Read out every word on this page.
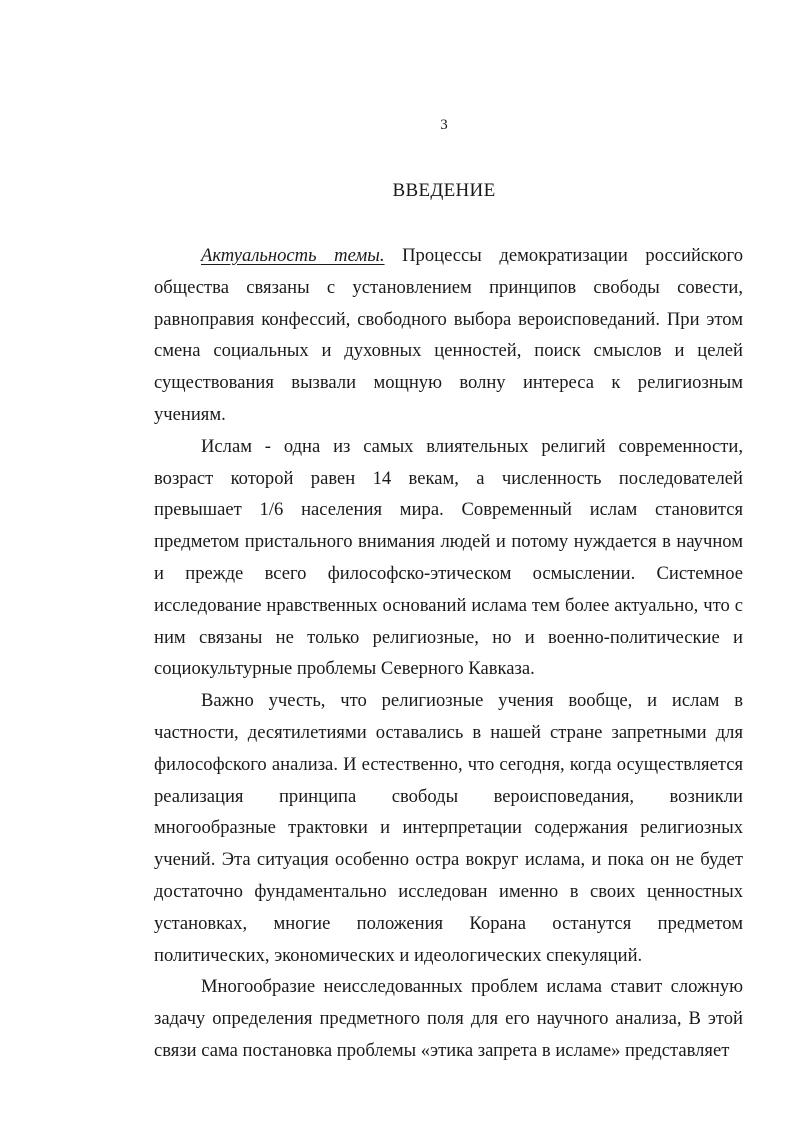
3
ВВЕДЕНИЕ

Актуальность темы. Процессы демократизации российского общества связаны с установлением принципов свободы совести, равноправия конфессий, свободного выбора вероисповеданий. При этом смена социальных и духовных ценностей, поиск смыслов и целей существования вызвали мощную волну интереса к религиозным учениям.

Ислам - одна из самых влиятельных религий современности, возраст которой равен 14 векам, а численность последователей превышает 1/6 населения мира. Современный ислам становится предметом пристального внимания людей и потому нуждается в научном и прежде всего философско-этическом осмыслении. Системное исследование нравственных оснований ислама тем более актуально, что с ним связаны не только религиозные, но и военно-политические и социокультурные проблемы Северного Кавказа.

Важно учесть, что религиозные учения вообще, и ислам в частности, десятилетиями оставались в нашей стране запретными для философского анализа. И естественно, что сегодня, когда осуществляется реализация принципа свободы вероисповедания, возникли многообразные трактовки и интерпретации содержания религиозных учений. Эта ситуация особенно остра вокруг ислама, и пока он не будет достаточно фундаментально исследован именно в своих ценностных установках, многие положения Корана останутся предметом политических, экономических и идеологических спекуляций.

Многообразие неисследованных проблем ислама ставит сложную задачу определения предметного поля для его научного анализа, В этой связи сама постановка проблемы «этика запрета в исламе» представляет
